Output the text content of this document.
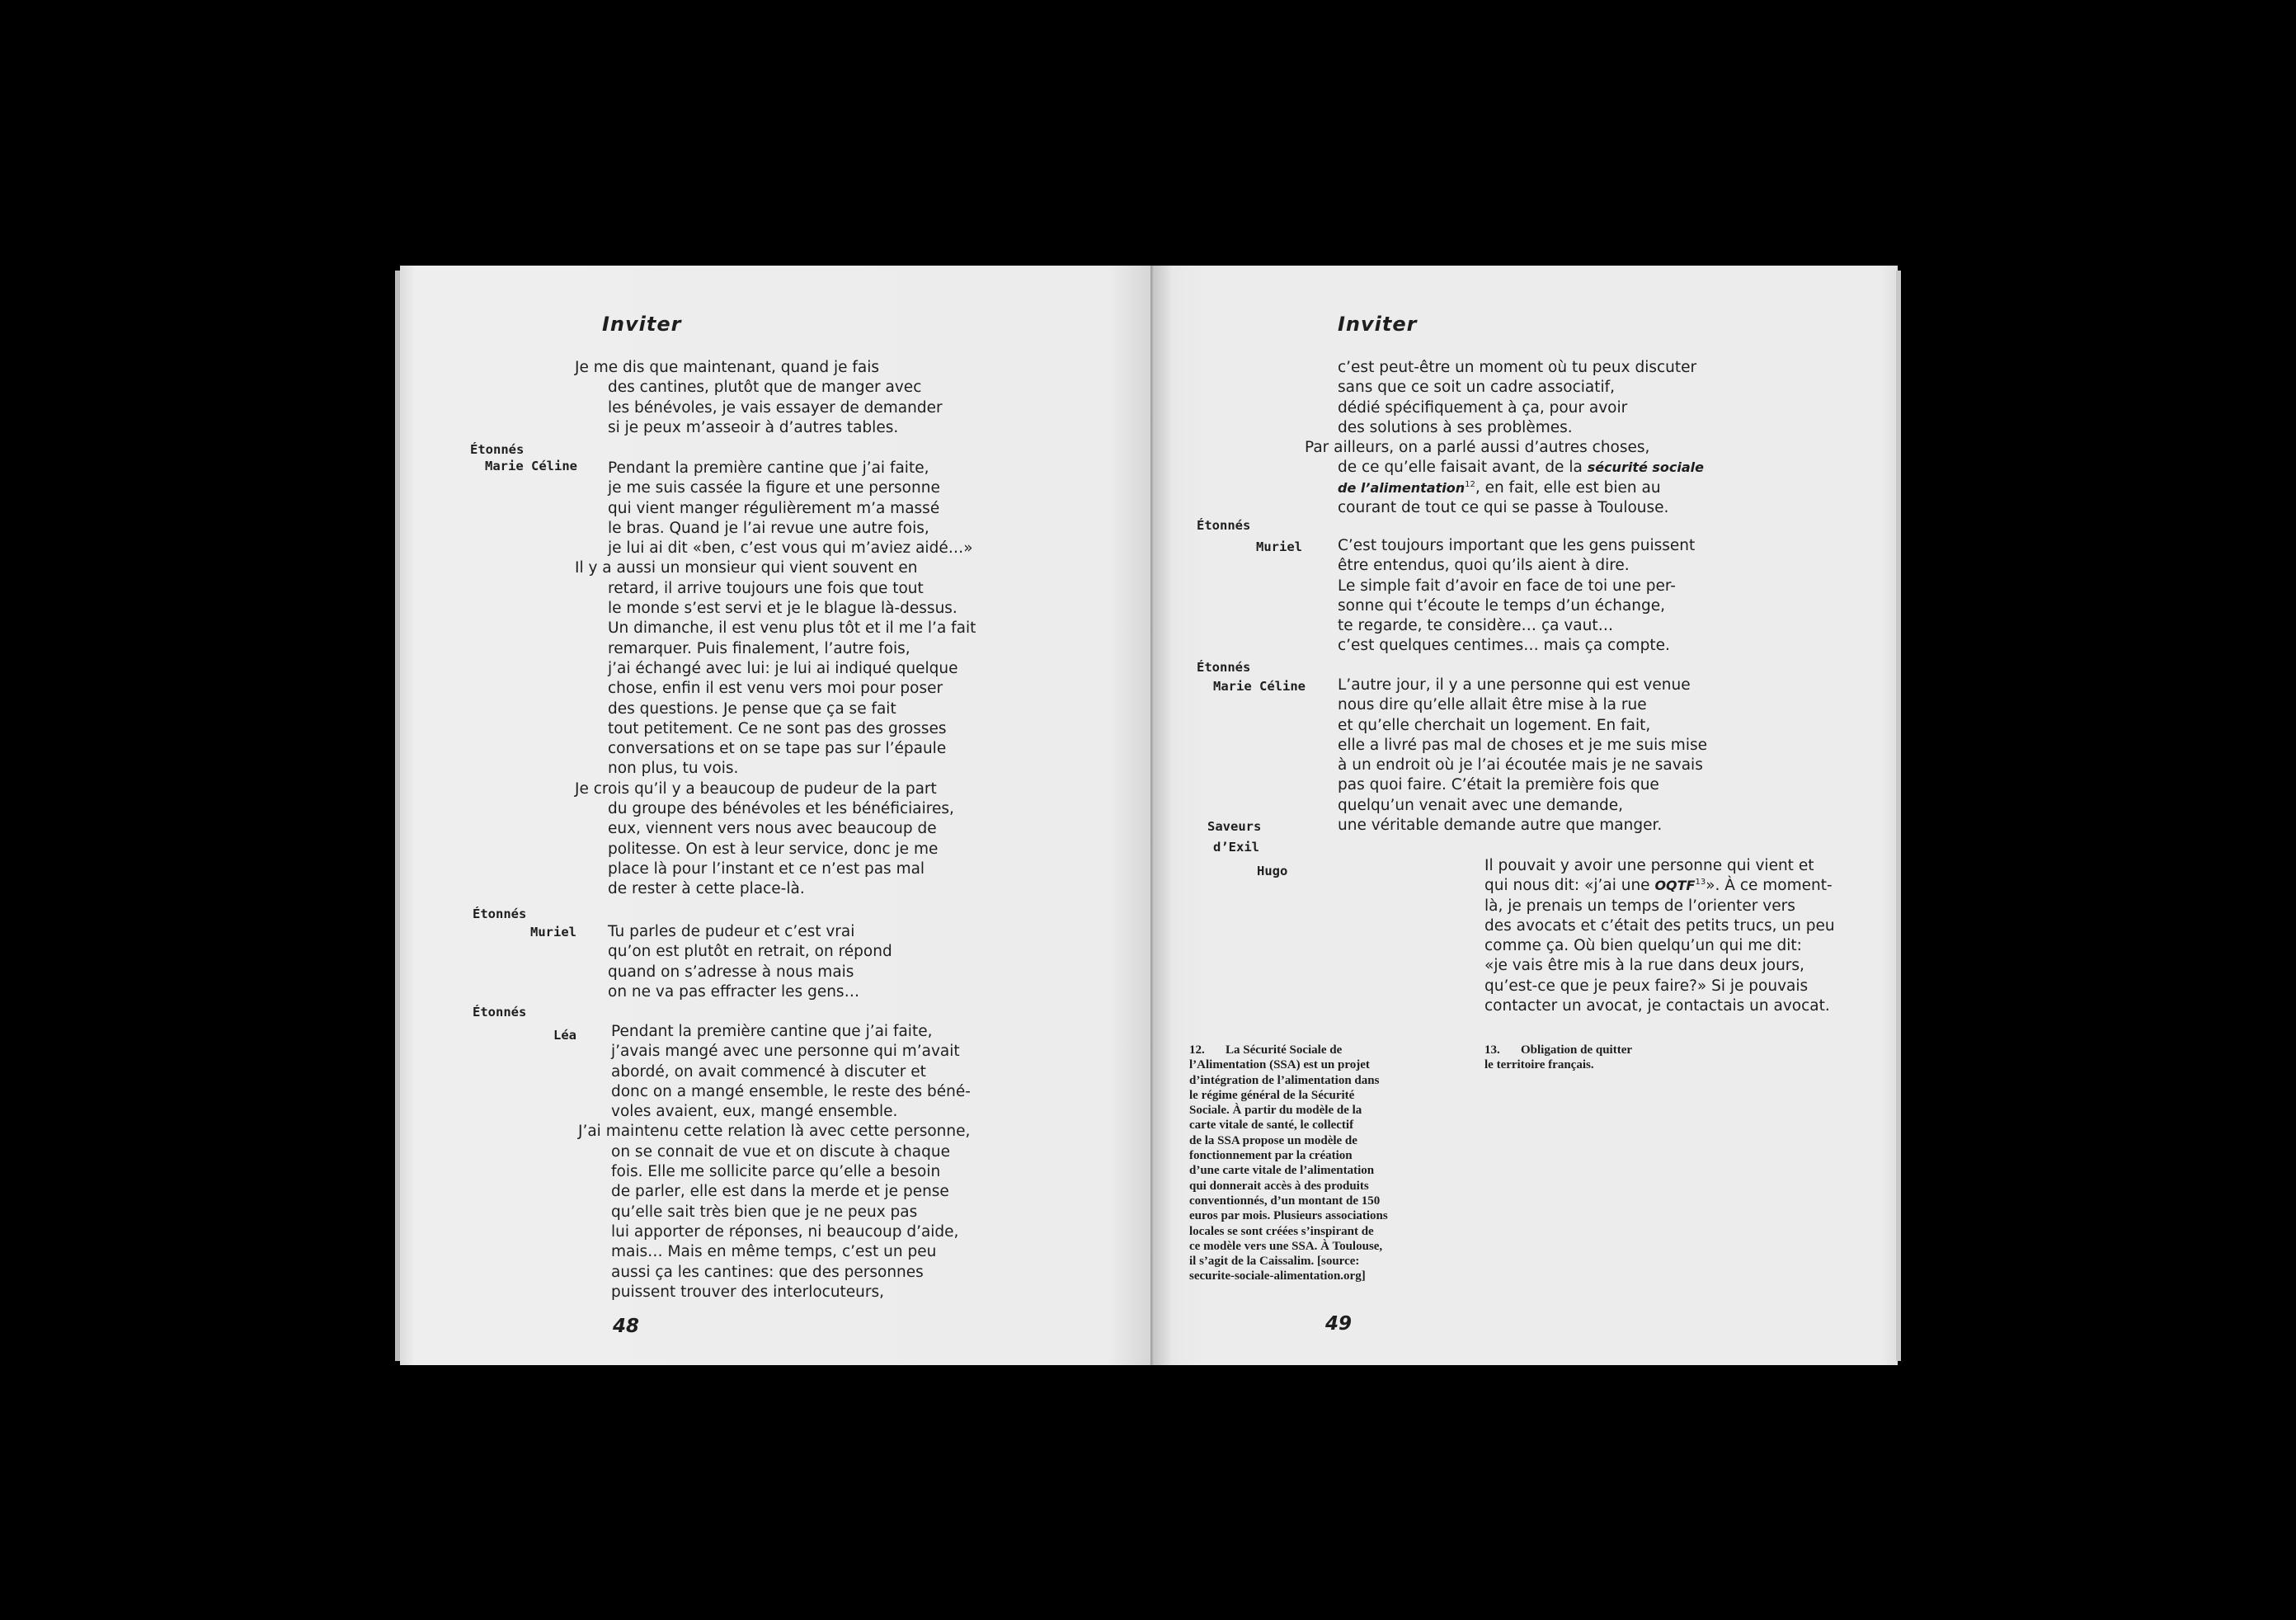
Inviter
Je me dis que maintenant, quand je fais
des cantines, plutôt que de manger avec
les bénévoles, je vais essayer de demander
si je peux m’asseoir à d’autres tables.
Étonnés
Marie Céline	Pendant la première cantine que j’ai faite,
je me suis cassée la figure et une personne
qui vient manger régulièrement m’a massé
le bras. Quand je l’ai revue une autre fois,
je lui ai dit «ben, c’est vous qui m’aviez aidé…»
Il y a aussi un monsieur qui vient souvent en
retard, il arrive toujours une fois que tout
le monde s’est servi et je le blague là-dessus.
Un dimanche, il est venu plus tôt et il me l’a fait
remarquer. Puis finalement, l’autre fois,
j’ai échangé avec lui: je lui ai indiqué quelque
chose, enfin il est venu vers moi pour poser
des questions. Je pense que ça se fait
tout petitement. Ce ne sont pas des grosses
conversations et on se tape pas sur l’épaule
non plus, tu vois.
Je crois qu’il y a beaucoup de pudeur de la part
du groupe des bénévoles et les bénéficiaires,
eux, viennent vers nous avec beaucoup de
politesse. On est à leur service, donc je me
place là pour l’instant et ce n’est pas mal
de rester à cette place-là.
Étonnés
Muriel Tu parles de pudeur et c’est vrai
qu’on est plutôt en retrait, on répond
quand on s’adresse à nous mais
on ne va pas effracter les gens…
Étonnés
Léa	Pendant la première cantine que j’ai faite,
j’avais mangé avec une personne qui m’avait
abordé, on avait commencé à discuter et
donc on a mangé ensemble, le reste des béné-
voles avaient, eux, mangé ensemble.
J’ai maintenu cette relation là avec cette personne,
on se connait de vue et on discute à chaque
fois. Elle me sollicite parce qu’elle a besoin
de parler, elle est dans la merde et je pense
qu’elle sait très bien que je ne peux pas
lui apporter de réponses, ni beaucoup d’aide,
mais… Mais en même temps, c’est un peu
aussi ça les cantines: que des personnes
puissent trouver des interlocuteurs,
48
Inviter
c’est peut-être un moment où tu peux discuter
sans que ce soit un cadre associatif,
dédié spécifiquement à ça, pour avoir
des solutions à ses problèmes.
Par ailleurs, on a parlé aussi d’autres choses,
de ce qu’elle faisait avant, de la sécurité sociale
de l’alimentation$^{12}$, en fait, elle est bien au
courant de tout ce qui se passe à Toulouse.
Étonnés
Muriel C’est toujours important que les gens puissent
être entendus, quoi qu’ils aient à dire.
Le simple fait d’avoir en face de toi une per-
sonne qui t’écoute le temps d’un échange,
te regarde, te considère… ça vaut…
c’est quelques centimes… mais ça compte.
Étonnés
Marie Céline L’autre jour, il y a une personne qui est venue
nous dire qu’elle allait être mise à la rue
et qu’elle cherchait un logement. En fait,
elle a livré pas mal de choses et je me suis mise
à un endroit où je l’ai écoutée mais je ne savais
pas quoi faire. C’était la première fois que
quelqu’un venait avec une demande,
une véritable demande autre que manger.
Saveurs
d’Exil
Hugo	Il pouvait y avoir une personne qui vient et
qui nous dit: «j’ai une OQTF$^{13}$». À ce moment-
là, je prenais un temps de l’orienter vers
des avocats et c’était des petits trucs, un peu
comme ça. Où bien quelqu’un qui me dit:
«je vais être mis à la rue dans deux jours,
qu’est-ce que je peux faire?» Si je pouvais
contacter un avocat, je contactais un avocat.
12. La Sécurité Sociale de
l’Alimentation (SSA) est un projet
d’intégration de l’alimentation dans
le régime général de la Sécurité
Sociale. À partir du modèle de la
carte vitale de santé, le collectif
de la SSA propose un modèle de
fonctionnement par la création
d’une carte vitale de l’alimentation
qui donnerait accès à des produits
conventionnés, d’un montant de 150
euros par mois. Plusieurs associations
locales se sont créées s’inspirant de
ce modèle vers une SSA. À Toulouse,
il s’agit de la Caissalim. [source:
securite-sociale-alimentation.org]
13. Obligation de quitter
le territoire français.
49
